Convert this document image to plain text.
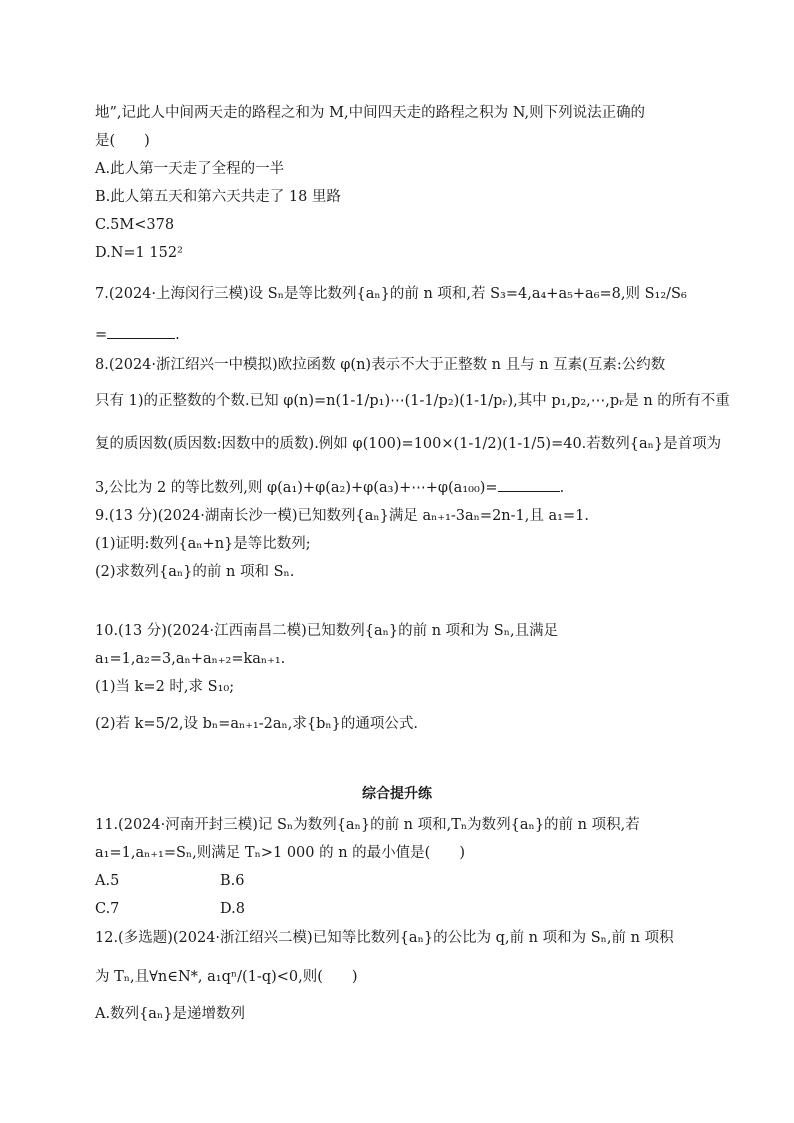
地”,记此人中间两天走的路程之和为 M,中间四天走的路程之积为 N,则下列说法正确的
是(　　)
A.此人第一天走了全程的一半
B.此人第五天和第六天共走了 18 里路
C.5M<378
D.N=1 152²
7.(2024·上海闵行三模)设 Sₙ是等比数列{aₙ}的前 n 项和,若 S₃=4,a₄+a₅+a₆=8,则 S₁₂/S₆
=	.
8.(2024·浙江绍兴一中模拟)欧拉函数 φ(n)表示不大于正整数 n 且与 n 互素(互素:公约数
只有 1)的正整数的个数.已知 φ(n)=n(1-1/p₁)⋯(1-1/p₂)(1-1/pᵣ),其中 p₁,p₂,⋯,pᵣ是 n 的所有不重
复的质因数(质因数:因数中的质数).例如 φ(100)=100×(1-1/2)(1-1/5)=40.若数列{aₙ}是首项为
3,公比为 2 的等比数列,则 φ(a₁)+φ(a₂)+φ(a₃)+⋯+φ(a₁₀₀)=	.
9.(13 分)(2024·湖南长沙一模)已知数列{aₙ}满足 aₙ₊₁-3aₙ=2n-1,且 a₁=1.
(1)证明:数列{aₙ+n}是等比数列;
(2)求数列{aₙ}的前 n 项和 Sₙ.
10.(13 分)(2024·江西南昌二模)已知数列{aₙ}的前 n 项和为 Sₙ,且满足
a₁=1,a₂=3,aₙ+aₙ₊₂=kaₙ₊₁.
(1)当 k=2 时,求 S₁₀;
(2)若 k=5/2,设 bₙ=aₙ₊₁-2aₙ,求{bₙ}的通项公式.
综合提升练
11.(2024·河南开封三模)记 Sₙ为数列{aₙ}的前 n 项和,Tₙ为数列{aₙ}的前 n 项积,若
a₁=1,aₙ₊₁=Sₙ,则满足 Tₙ>1 000 的 n 的最小值是(　　)
A.5	B.6
C.7	D.8
12.(多选题)(2024·浙江绍兴二模)已知等比数列{aₙ}的公比为 q,前 n 项和为 Sₙ,前 n 项积
为 Tₙ,且∀n∈N*, a₁qⁿ/(1-q)<0,则(　　)
A.数列{aₙ}是递增数列
